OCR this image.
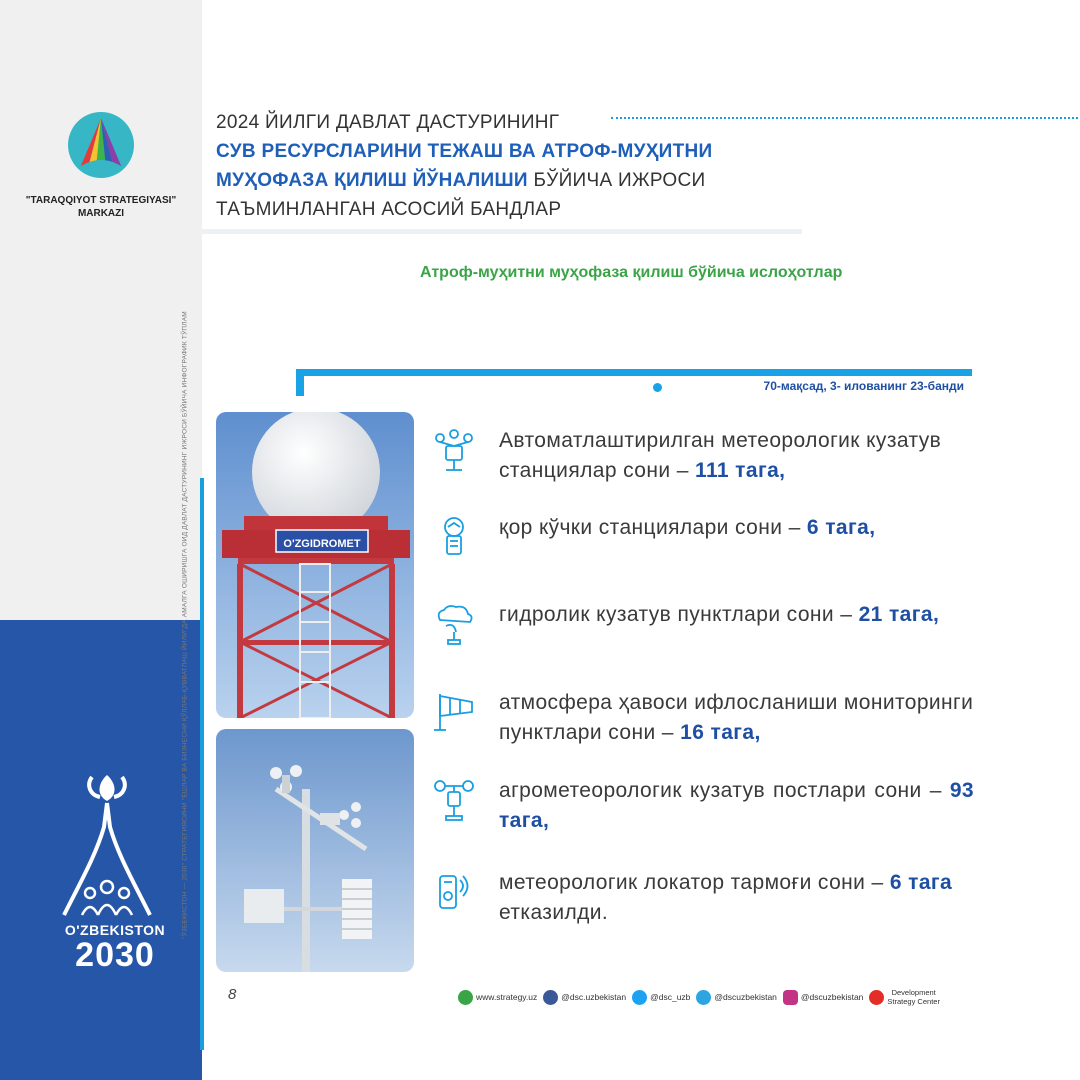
"TARAQQIYOT STRATEGIYASI"
MARKAZI
"ЎЗБЕКИСТОН — 2030" СТРАТЕГИЯСИНИ "ЁШЛАР ВА БИЗНЕСНИ ҚЎЛЛАБ-ҚУВВАТЛАШ ЙИЛИ"ДА АМАЛГА ОШИРИШГА ОИД ДАВЛАТ ДАСТУРИНИНГ ИЖРОСИ БЎЙИЧА ИНФОГРАФИК ТЎПЛАМ
O'ZBEKISTON
2030
2024 ЙИЛГИ ДАВЛАТ ДАСТУРИНИНГ
СУВ РЕСУРСЛАРИНИ ТЕЖАШ ВА АТРОФ-МУҲИТНИ
МУҲОФАЗА ҚИЛИШ ЙЎНАЛИШИ БЎЙИЧА ИЖРОСИ
ТАЪМИНЛАНГАН АСОСИЙ БАНДЛАР
Атроф-муҳитни муҳофаза қилиш бўйича ислоҳотлар
70-мақсад, 3- илованинг 23-банди
O'ZGIDROMET
Автоматлаштирилган метеорологик кузатув станциялар сони – 111 тага,
қор кўчки станциялари сони – 6 тага,
гидролик кузатув пунктлари сони – 21 тага,
атмосфера ҳавоси ифлосланиши мониторинги пунктлари сони – 16 тага,
агрометеорологик кузатув постлари сони – 93 тага,
метеорологик локатор тармоғи сони – 6 тага етказилди.
8	www.strategy.uz	@dsc.uzbekistan	@dsc_uzb	@dscuzbekistan	@dscuzbekistan	Development
Strategy Center
